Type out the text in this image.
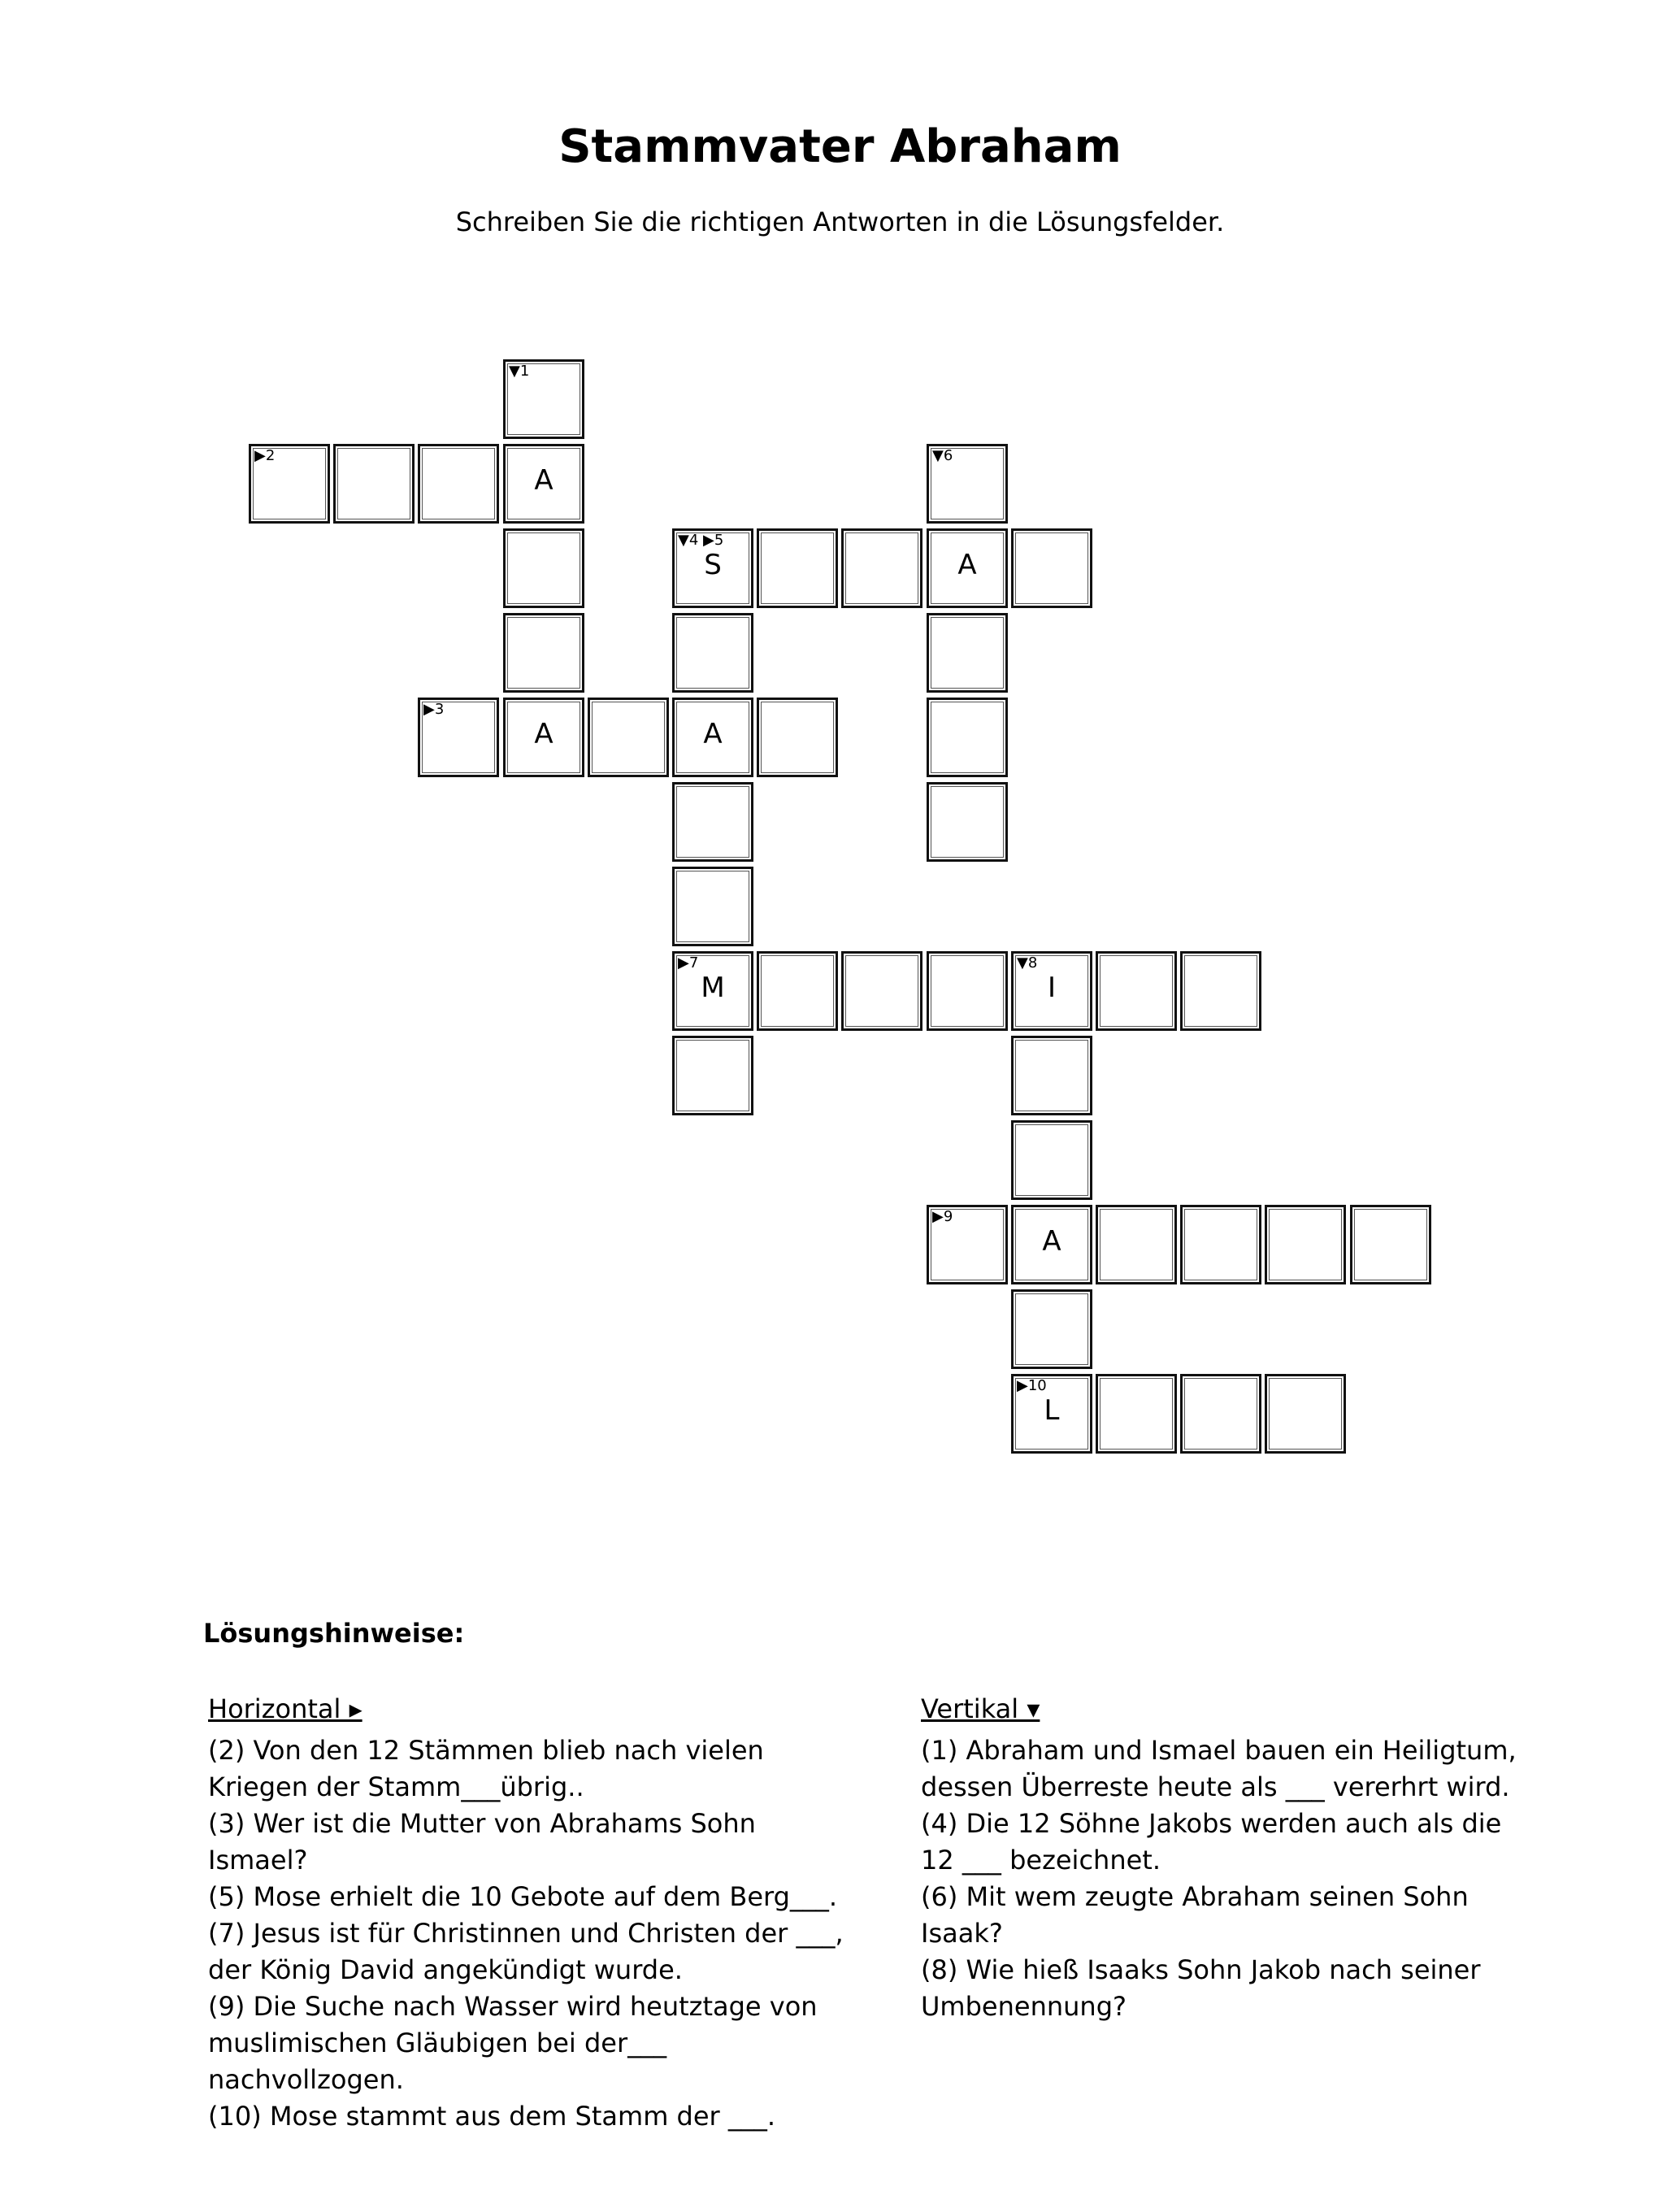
Stammvater Abraham

Schreiben Sie die richtigen Antworten in die Lösungsfelder.

▼1
▶2
A
▼6
▼4 ▶5
S	A
▶3
A	A
▶7
M
▼8
I
▶9
A
▶10
L
Lösungshinweise:
Horizontal ▸

(2) Von den 12 Stämmen blieb nach vielen

Kriegen der Stamm___übrig..

(3) Wer ist die Mutter von Abrahams Sohn

Ismael?

(5) Mose erhielt die 10 Gebote auf dem Berg___.

(7) Jesus ist für Christinnen und Christen der ___,

der König David angekündigt wurde.

(9) Die Suche nach Wasser wird heutztage von

muslimischen Gläubigen bei der___

nachvollzogen.

(10) Mose stammt aus dem Stamm der ___.

Vertikal ▾

(1) Abraham und Ismael bauen ein Heiligtum,

dessen Überreste heute als ___ vererhrt wird.

(4) Die 12 Söhne Jakobs werden auch als die

12 ___ bezeichnet.

(6) Mit wem zeugte Abraham seinen Sohn

Isaak?

(8) Wie hieß Isaaks Sohn Jakob nach seiner

Umbenennung?
